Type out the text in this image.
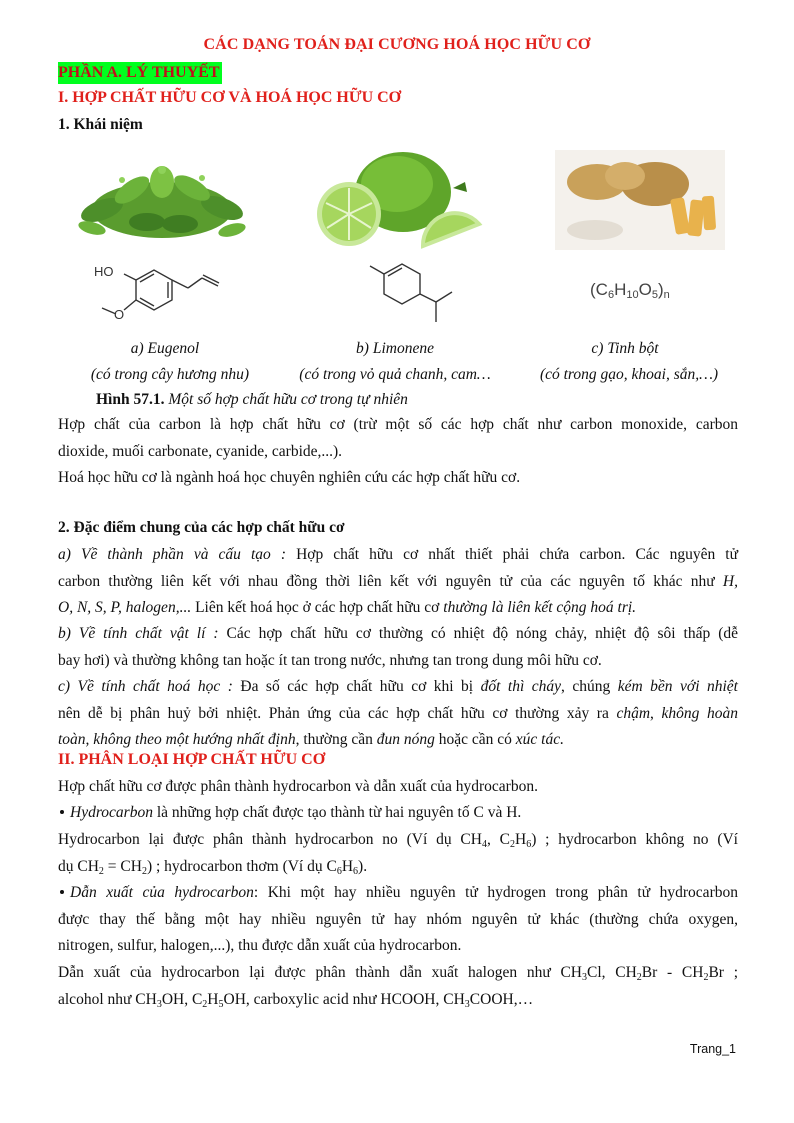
CÁC DẠNG TOÁN ĐẠI CƯƠNG HOÁ HỌC HỮU CƠ
PHẦN A. LÝ THUYẾT
I. HỢP CHẤT HỮU CƠ VÀ HOÁ HỌC HỮU CƠ
1. Khái niệm
HO
O
$(C_6H_{10}O_5)_n$
a) Eugenol	b) Limonene	c) Tinh bột
(có trong cây hương nhu)	(có trong vỏ quả chanh, cam…	(có trong gạo, khoai, sắn,…)
Hình 57.1. Một số hợp chất hữu cơ trong tự nhiên
Hợp chất của carbon là hợp chất hữu cơ (trừ một số các hợp chất như carbon monoxide, carbon
dioxide, muối carbonate, cyanide, carbide,...).
Hoá học hữu cơ là ngành hoá học chuyên nghiên cứu các hợp chất hữu cơ.
2. Đặc điểm chung của các hợp chất hữu cơ
a) Về thành phần và cấu tạo : Hợp chất hữu cơ nhất thiết phải chứa carbon. Các nguyên tử
carbon thường liên kết với nhau đồng thời liên kết với nguyên tử của các nguyên tố khác như H,
O, N, S, P, halogen,... Liên kết hoá học ở các hợp chất hữu cơ thường là liên kết cộng hoá trị.
b) Về tính chất vật lí : Các hợp chất hữu cơ thường có nhiệt độ nóng chảy, nhiệt độ sôi thấp (dễ
bay hơi) và thường không tan hoặc ít tan trong nước, nhưng tan trong dung môi hữu cơ.
c) Về tính chất hoá học : Đa số các hợp chất hữu cơ khi bị đốt thì cháy, chúng kém bền với nhiệt
nên dễ bị phân huỷ bởi nhiệt. Phản ứng của các hợp chất hữu cơ thường xảy ra chậm, không hoàn
toàn, không theo một hướng nhất định, thường cần đun nóng hoặc cần có xúc tác.
II. PHÂN LOẠI HỢP CHẤT HỮU CƠ
Hợp chất hữu cơ được phân thành hydrocarbon và dẫn xuất của hydrocarbon.
Hydrocarbon là những hợp chất được tạo thành từ hai nguyên tố C và H.
Hydrocarbon lại được phân thành hydrocarbon no (Ví dụ $CH_4$, $C_2H_6$) ; hydrocarbon không no (Ví
dụ $CH_2 = CH_2$) ; hydrocarbon thơm (Ví dụ $C_6H_6$).
Dẫn xuất của hydrocarbon: Khi một hay nhiều nguyên tử hydrogen trong phân tử hydrocarbon
được thay thế bằng một hay nhiều nguyên tử hay nhóm nguyên tử khác (thường chứa oxygen,
nitrogen, sulfur, halogen,...), thu được dẫn xuất của hydrocarbon.
Dẫn xuất của hydrocarbon lại được phân thành dẫn xuất halogen như $CH_3Cl$, $CH_2Br - CH_2Br$ ;
alcohol như $CH_3OH$, $C_2H_5OH$, carboxylic acid như HCOOH, $CH_3COOH,\dots$
Trang_1
